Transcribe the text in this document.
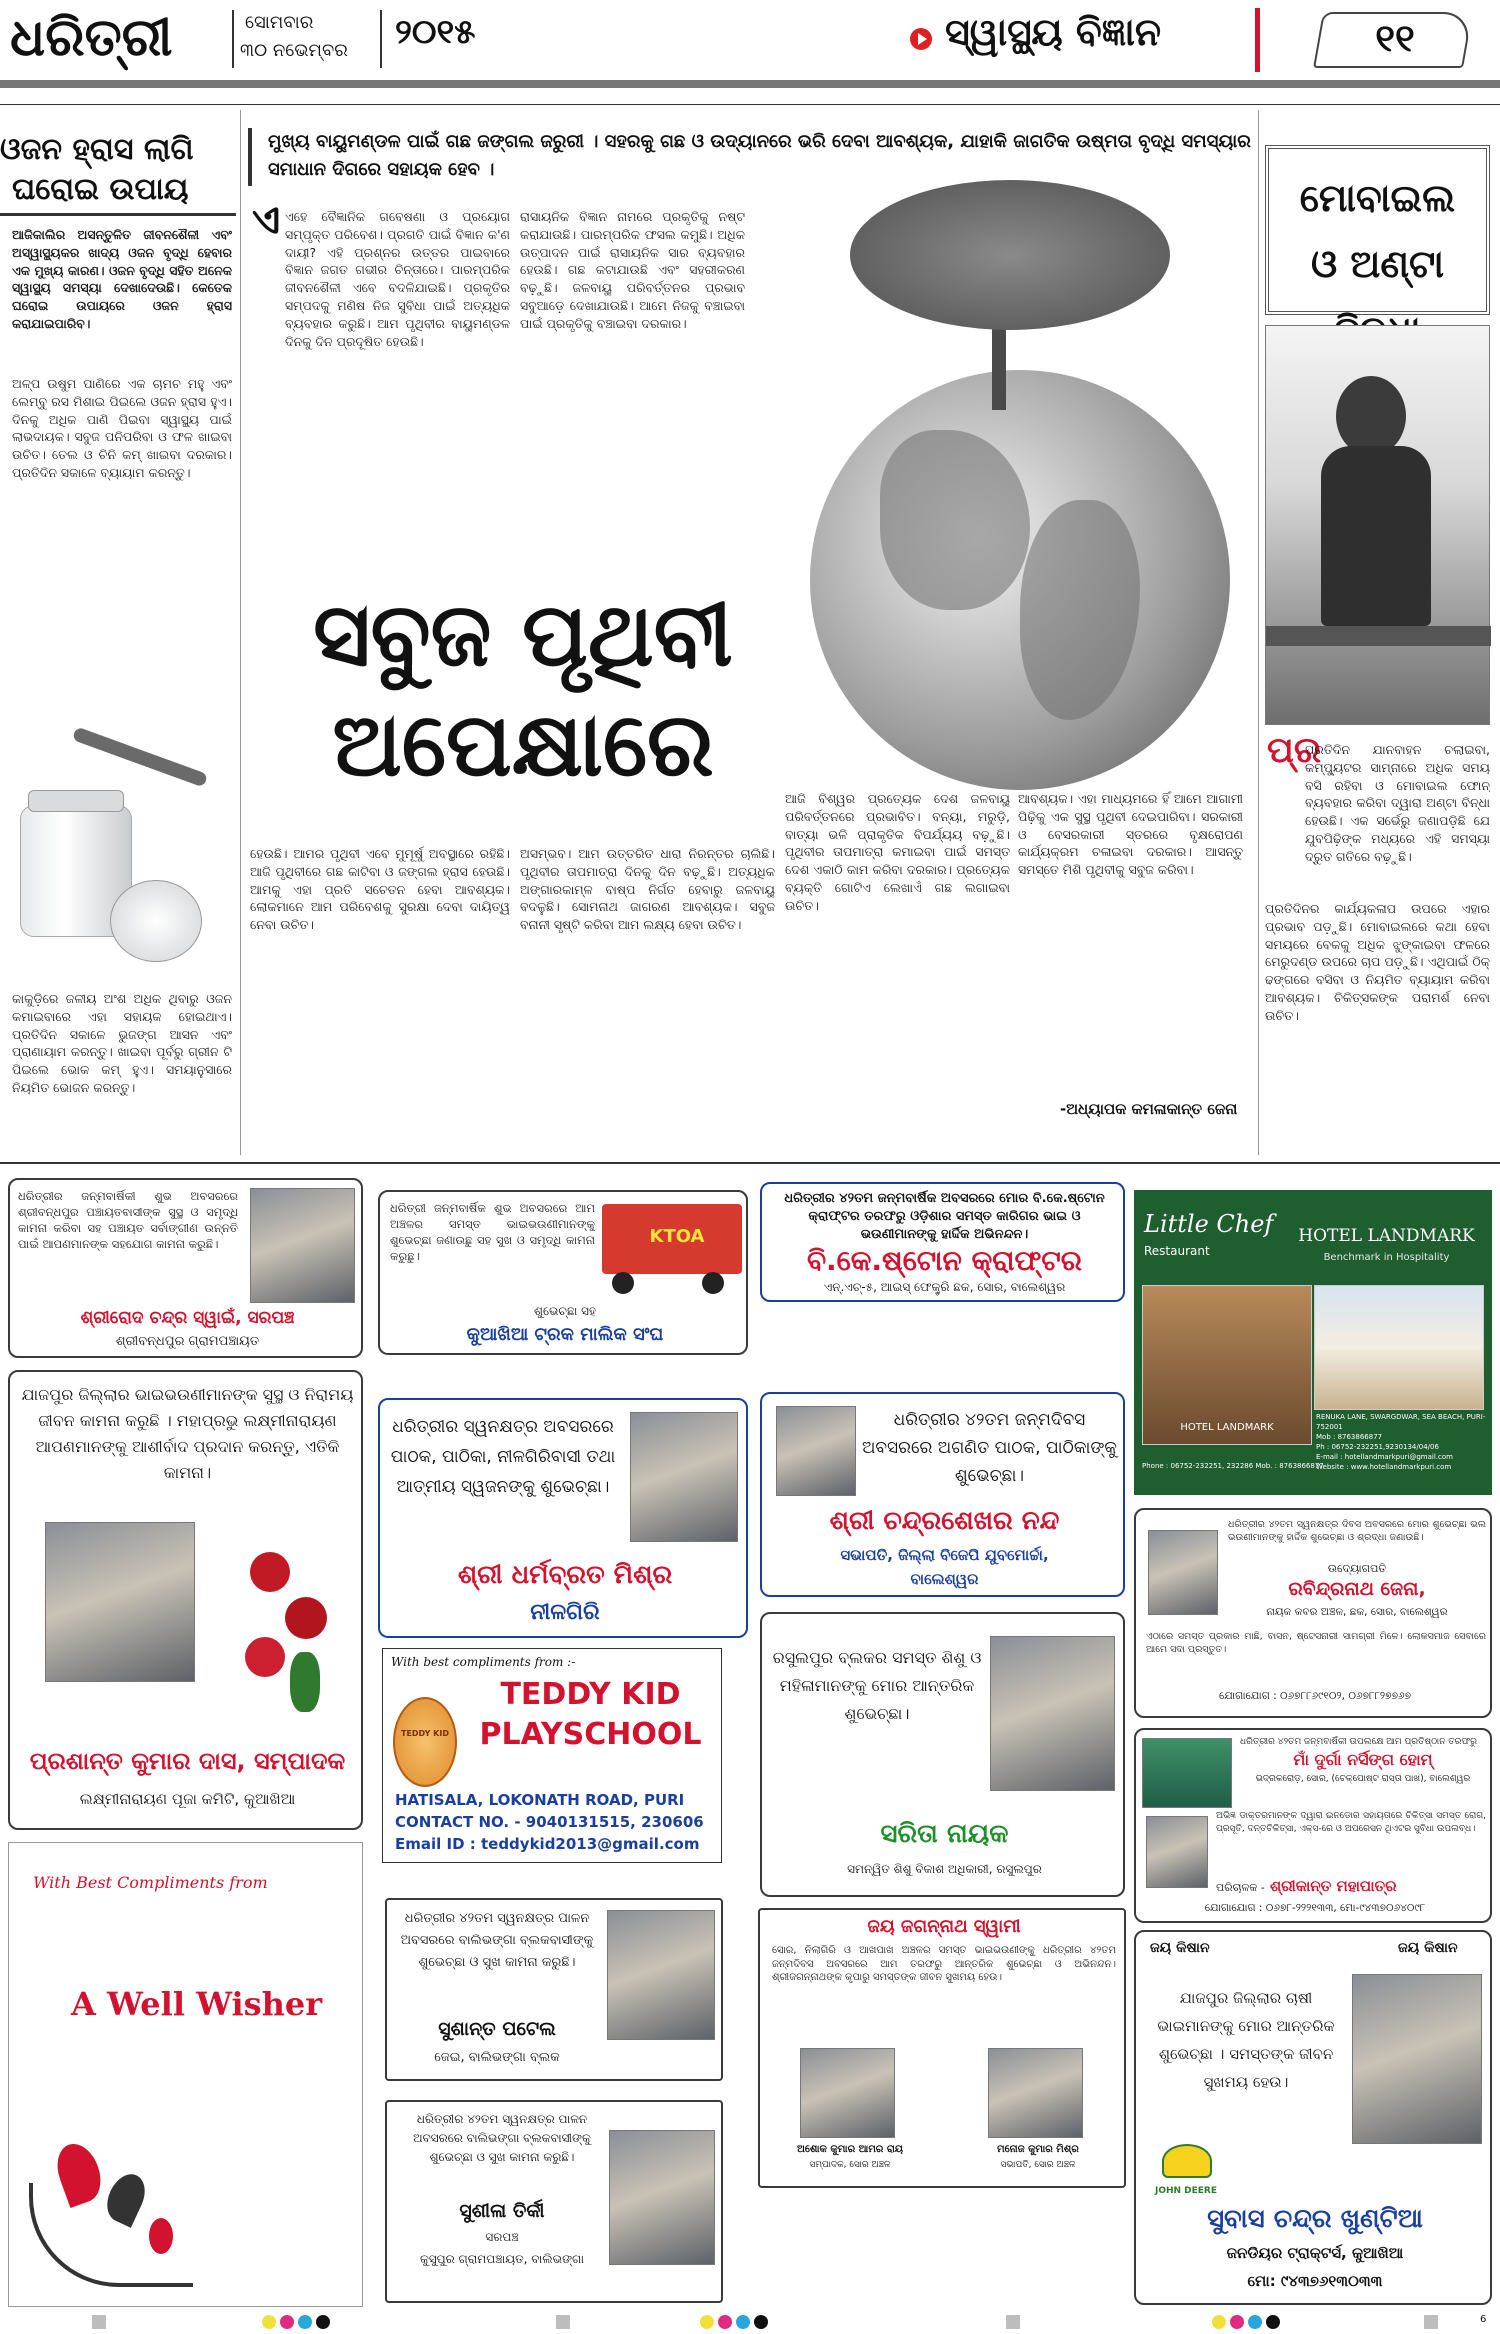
ଧରିତ୍ରୀ	ସୋମବାର
୩୦ ନଭେମ୍ବର ୨୦୧୫	ସ୍ୱାସ୍ଥ୍ୟ ବିଜ୍ଞାନ	୧୧
ଓଜନ ହ୍ରାସ ଲାଗି
ଘରୋଇ ଉପାୟ
ଆଜିକାଲିର ଅସନ୍ତୁଳିତ ଜୀବନଶୈଳୀ ଏବଂ ଅସ୍ୱାସ୍ଥ୍ୟକର ଖାଦ୍ୟ ଓଜନ ବୃଦ୍ଧି ହେବାର ଏକ ମୁଖ୍ୟ କାରଣ। ଓଜନ ବୃଦ୍ଧି ସହିତ ଅନେକ ସ୍ୱାସ୍ଥ୍ୟ ସମସ୍ୟା ଦେଖାଦେଉଛି। କେତେକ ଘରୋଇ ଉପାୟରେ ଓଜନ ହ୍ରାସ କରାଯାଇପାରିବ।
ଅଳ୍ପ ଉଷୁମ ପାଣିରେ ଏକ ଚାମଚ ମହୁ ଏବଂ ଲେମ୍ବୁ ରସ ମିଶାଇ ପିଇଲେ ଓଜନ ହ୍ରାସ ହୁଏ। ଦିନକୁ ଅଧିକ ପାଣି ପିଇବା ସ୍ୱାସ୍ଥ୍ୟ ପାଇଁ ଲାଭଦାୟକ। ସବୁଜ ପନିପରିବା ଓ ଫଳ ଖାଇବା ଉଚିତ। ତେଲ ଓ ଚିନି କମ୍ ଖାଇବା ଦରକାର। ପ୍ରତିଦିନ ସକାଳେ ବ୍ୟାୟାମ କରନ୍ତୁ।
କାକୁଡ଼ିରେ ଜଳୀୟ ଅଂଶ ଅଧିକ ଥିବାରୁ ଓଜନ କମାଇବାରେ ଏହା ସହାୟକ ହୋଇଥାଏ। ପ୍ରତିଦିନ ସକାଳେ ଭୁଜଙ୍ଗ ଆସନ ଏବଂ ପ୍ରାଣାୟାମ କରନ୍ତୁ। ଖାଇବା ପୂର୍ବରୁ ଗ୍ରୀନ ଟି ପିଇଲେ ଭୋକ କମ୍ ହୁଏ। ସମୟାନୁସାରେ ନିୟମିତ ଭୋଜନ କରନ୍ତୁ।
ମୁଖ୍ୟ ବାୟୁମଣ୍ଡଳ ପାଇଁ ଗଛ ଜଙ୍ଗଲ ଜରୁରୀ । ସହରକୁ ଗଛ ଓ ଉଦ୍ୟାନରେ ଭରି ଦେବା ଆବଶ୍ୟକ, ଯାହାକି ଜାଗତିକ ଉଷ୍ମତା ବୃଦ୍ଧି ସମସ୍ୟାର ସମାଧାନ ଦିଗରେ ସହାୟକ ହେବ ।
ଏ ଏହେ ବୈଜ୍ଞାନିକ ଗବେଷଣା ଓ ପ୍ରୟୋଗ ସମ୍ପୃକ୍ତ ପରିବେଶ। ପ୍ରଗତି ପାଇଁ ବିଜ୍ଞାନ କ'ଣ ଦାୟୀ? ଏହି ପ୍ରଶ୍ନର ଉତ୍ତର ପାଇବାରେ ବିଜ୍ଞାନ ଜଗତ ଗଭୀର ଚିନ୍ତାରେ। ପାରମ୍ପରିକ ଜୀବନଶୈଳୀ ଏବେ ବଦଳିଯାଇଛି। ପ୍ରକୃତିର ସମ୍ପଦକୁ ମଣିଷ ନିଜ ସୁବିଧା ପାଇଁ ଅତ୍ୟଧିକ ବ୍ୟବହାର କରୁଛି। ଆମ ପୃଥିବୀର ବାୟୁମଣ୍ଡଳ ଦିନକୁ ଦିନ ପ୍ରଦୂଷିତ ହେଉଛି।
ରାସାୟନିକ ବିଜ୍ଞାନ ନାମରେ ପ୍ରକୃତିକୁ ନଷ୍ଟ କରାଯାଉଛି। ପାରମ୍ପରିକ ଫସଲ କମୁଛି। ଅଧିକ ଉତ୍ପାଦନ ପାଇଁ ରାସାୟନିକ ସାର ବ୍ୟବହାର ହେଉଛି। ଗଛ କଟାଯାଉଛି ଏବଂ ସହରୀକରଣ ବଢ଼ୁଛି। ଜଳବାୟୁ ପରିବର୍ତ୍ତନର ପ୍ରଭାବ ସବୁଆଡ଼େ ଦେଖାଯାଉଛି। ଆମେ ନିଜକୁ ବଞ୍ଚାଇବା ପାଇଁ ପ୍ରକୃତିକୁ ବଞ୍ଚାଇବା ଦରକାର।
ସବୁଜ ପୃଥିବୀ
ଅପେକ୍ଷାରେ
ହେଉଛି। ଆମର ପୃଥିବୀ ଏବେ ମୁମୂର୍ଷୁ ଅବସ୍ଥାରେ ରହିଛି। ଆଜି ପୃଥିବୀରେ ଗଛ କାଟିବା ଓ ଜଙ୍ଗଲ ହ୍ରାସ ହେଉଛି। ଆମକୁ ଏହା ପ୍ରତି ସଚେତନ ହେବା ଆବଶ୍ୟକ। ଲୋକମାନେ ଆମ ପରିବେଶକୁ ସୁରକ୍ଷା ଦେବା ଦାୟିତ୍ୱ ନେବା ଉଚିତ।
ଅସମ୍ଭବ। ଆମ ଉତ୍ତରିତ ଧାରା ନିରନ୍ତର ଚାଲିଛି। ପୃଥିବୀର ତାପମାତ୍ରା ଦିନକୁ ଦିନ ବଢ଼ୁଛି। ଅତ୍ୟଧିକ ଅଙ୍ଗାରକାମ୍ଳ ବାଷ୍ପ ନିର୍ଗତ ହେବାରୁ ଜଳବାୟୁ ବଦଳୁଛି। ସୋମନାଥ ଜାଗରଣ ଆବଶ୍ୟକ। ସବୁଜ ବନାନୀ ସୃଷ୍ଟି କରିବା ଆମ ଲକ୍ଷ୍ୟ ହେବା ଉଚିତ।
ଆଜି ବିଶ୍ୱର ପ୍ରତ୍ୟେକ ଦେଶ ଜଳବାୟୁ ପରିବର୍ତ୍ତନରେ ପ୍ରଭାବିତ। ବନ୍ୟା, ମରୁଡ଼ି, ବାତ୍ୟା ଭଳି ପ୍ରାକୃତିକ ବିପର୍ଯ୍ୟୟ ବଢ଼ୁଛି। ପୃଥିବୀର ତାପମାତ୍ରା କମାଇବା ପାଇଁ ସମସ୍ତ ଦେଶ ଏକାଠି କାମ କରିବା ଦରକାର। ପ୍ରତ୍ୟେକ ବ୍ୟକ୍ତି ଗୋଟିଏ ଲେଖାଏଁ ଗଛ ଲଗାଇବା ଉଚିତ।
ଆବଶ୍ୟକ। ଏହା ମାଧ୍ୟମରେ ହିଁ ଆମେ ଆଗାମୀ ପିଢ଼ିକୁ ଏକ ସୁସ୍ଥ ପୃଥିବୀ ଦେଇପାରିବା। ସରକାରୀ ଓ ବେସରକାରୀ ସ୍ତରରେ ବୃକ୍ଷରୋପଣ କାର୍ଯ୍ୟକ୍ରମ ଚଳାଇବା ଦରକାର। ଆସନ୍ତୁ ସମସ୍ତେ ମିଶି ପୃଥିବୀକୁ ସବୁଜ କରିବା।
-ଅଧ୍ୟାପକ କମଳାକାନ୍ତ ଜେନା
ମୋବାଇଲ
ଓ ଅଣ୍ଟା
ପ୍ର
ପ୍ରତିଦିନ ଯାନବାହନ ଚଲାଇବା, କମ୍ପ୍ୟୁଟର ସାମ୍ନାରେ ଅଧିକ ସମୟ ବସି ରହିବା ଓ ମୋବାଇଲ ଫୋନ୍ ବ୍ୟବହାର କରିବା ଦ୍ୱାରା ଅଣ୍ଟା ବିନ୍ଧା ହେଉଛି। ଏକ ସର୍ଭେରୁ ଜଣାପଡ଼ିଛି ଯେ ଯୁବପିଢ଼ିଙ୍କ ମଧ୍ୟରେ ଏହି ସମସ୍ୟା ଦ୍ରୁତ ଗତିରେ ବଢ଼ୁଛି।
ପ୍ରତିଦିନର କାର୍ଯ୍ୟକଳାପ ଉପରେ ଏହାର ପ୍ରଭାବ ପଡ଼ୁଛି। ମୋବାଇଲରେ କଥା ହେବା ସମୟରେ ବେକକୁ ଅଧିକ ଝୁଙ୍କାଇବା ଫଳରେ ମେରୁଦଣ୍ଡ ଉପରେ ଚାପ ପଡ଼ୁଛି। ଏଥିପାଇଁ ଠିକ୍ ଢଙ୍ଗରେ ବସିବା ଓ ନିୟମିତ ବ୍ୟାୟାମ କରିବା ଆବଶ୍ୟକ। ଚିକିତ୍ସକଙ୍କ ପରାମର୍ଶ ନେବା ଉଚିତ।
ଧରିତ୍ରୀର ଜନ୍ମବାର୍ଷିକୀ ଶୁଭ ଅବସରରେ ଶ୍ରୀବନ୍ଧପୁର ପଞ୍ଚାୟତବାସୀଙ୍କ ସୁସ୍ଥ ଓ ସମୃଦ୍ଧି କାମନା କରିବା ସହ ପଞ୍ଚାୟତ ସର୍ବାଙ୍ଗୀଣ ଉନ୍ନତି ପାଇଁ ଆପଣମାନଙ୍କ ସହଯୋଗ କାମନା କରୁଛି।
ଶ୍ରୀରୋଦ ଚନ୍ଦ୍ର ସ୍ୱାଇଁ, ସରପଞ୍ଚ
ଶ୍ରୀବନ୍ଧପୁର ଗ୍ରାମପଞ୍ଚାୟତ
ଧରିତ୍ରୀ ଜନ୍ମବାର୍ଷିକ ଶୁଭ ଅବସରରେ ଆମ ଅଞ୍ଚଳର ସମସ୍ତ ଭାଇଭଉଣୀମାନଙ୍କୁ ଶୁଭେଚ୍ଛା ଜଣାଉଛୁ ସହ ସୁଖ ଓ ସମୃଦ୍ଧି କାମନା କରୁଛୁ।
KTOA
ଶୁଭେଚ୍ଛା ସହ
କୁଆଖିଆ ଟ୍ରକ ମାଲିକ ସଂଘ
ଧରିତ୍ରୀର ୪୨ତମ ଜନ୍ମବାର୍ଷିକ ଅବସରରେ ମୋର ବି.କେ.ଷ୍ଟୋନ କ୍ରାଫ୍ଟର ତରଫରୁ ଓଡ଼ିଶାର ସମସ୍ତ କାରିଗର ଭାଇ ଓ ଭଉଣୀମାନଙ୍କୁ ହାର୍ଦ୍ଦିକ ଅଭିନନ୍ଦନ।
ବି.କେ.ଷ୍ଟୋନ କ୍ରାଫ୍ଟର
ଏନ୍.ଏଚ୍-୫, ଆଇସ୍ ଫେକ୍ଟ୍ରି ଛକ, ସୋର, ବାଲେଶ୍ୱର
Little Chef
Restaurant
HOTEL LANDMARK
Benchmark in Hospitality
HOTEL LANDMARK
RENUKA LANE, SWARGDWAR, SEA BEACH, PURI-752001
Mob : 8763866877
Ph : 06752-232251,9230134/04/06
E-mail : hotellandmarkpuri@gmail.com
Website : www.hotellandmarkpuri.com
Phone : 06752-232251, 232286 Mob. : 8763866877
ଯାଜପୁର ଜିଲ୍ଲାର ଭାଇଭଉଣୀମାନଙ୍କ ସୁସ୍ଥ ଓ ନିରାମୟ ଜୀବନ କାମନା କରୁଛି । ମହାପ୍ରଭୁ ଲକ୍ଷ୍ମୀନାରାୟଣ ଆପଣମାନଙ୍କୁ ଆଶୀର୍ବାଦ ପ୍ରଦାନ କରନ୍ତୁ, ଏତିକି କାମନା।
ପ୍ରଶାନ୍ତ କୁମାର ଦାସ, ସମ୍ପାଦକ
ଲକ୍ଷ୍ମୀନାରାୟଣ ପୂଜା କମିଟି, କୁଆଖିଆ
ଧରିତ୍ରୀର ସ୍ୱନକ୍ଷତ୍ର ଅବସରରେ ପାଠକ, ପାଠିକା, ନୀଳଗିରିବାସୀ ତଥା ଆତ୍ମୀୟ ସ୍ୱଜନଙ୍କୁ ଶୁଭେଚ୍ଛା।
ଶ୍ରୀ ଧର୍ମବ୍ରତ ମିଶ୍ର
ନୀଳଗିରି
ଧରିତ୍ରୀର ୪୨ତମ ଜନ୍ମଦିବସ ଅବସରରେ ଅଗଣିତ ପାଠକ, ପାଠିକାଙ୍କୁ ଶୁଭେଚ୍ଛା।
ଶ୍ରୀ ଚନ୍ଦ୍ରଶେଖର ନନ୍ଦ
ସଭାପତି, ଜିଲ୍ଲା ବିଜେପି ଯୁବମୋର୍ଚ୍ଚା,
ବାଲେଶ୍ୱର
ଧରିତ୍ରୀର ୪୨ତମ ସ୍ୱନକ୍ଷତ୍ର ଦିବସ ଅବସରରେ ମୋର ଶୁଭେଚ୍ଛା ଭଲ ଭଉଣୀମାନଙ୍କୁ ହାର୍ଦ୍ଦିକ ଶୁଭେଚ୍ଛା ଓ ଶ୍ରଦ୍ଧା ଜଣାଉଛି।
ଉଦ୍ୟୋଗପତି
ରବିନ୍ଦ୍ରନାଥ ଜେନା,
ନାୟକ କବର ଅଞ୍ଚଳ, ଛକ, ସୋର, ବାଲେଶ୍ୱର
ଏଠାରେ ସମସ୍ତ ପ୍ରକାର ମାଛି, ବାସନ, ଷ୍ଟେସନାରୀ ସାମଗ୍ରୀ ମିଳେ। ଲୋକସମାଜ ସେବାରେ ଆମେ ସଦା ପ୍ରସ୍ତୁତ।
ଯୋଗାଯୋଗ : ୦୬୭୮୮୬୯୧୦୨, ୦୬୭୮୮୨୭୭୬୭
With best compliments from :-
TEDDY KID
TEDDY KID
PLAYSCHOOL
HATISALA, LOKONATH ROAD, PURI
CONTACT NO. - 9040131515, 230606
Email ID : teddykid2013@gmail.com
ରସୁଲପୁର ବ୍ଲକର ସମସ୍ତ ଶିଶୁ ଓ ମହିଳାମାନଙ୍କୁ ମୋର ଆନ୍ତରିକ ଶୁଭେଚ୍ଛା।
ସରିତା ନାୟକ
ସମନ୍ୱିତ ଶିଶୁ ବିକାଶ ଅଧିକାରୀ, ରସୁଲପୁର
ଧରିତ୍ରୀର ୪୨ତମ ଜନ୍ମବାର୍ଷିକୀ ଉପଲକ୍ଷେ ଆମ ପ୍ରତିଷ୍ଠାନ ତରଫରୁ
ମାଁ ଦୁର୍ଗା ନର୍ସିଙ୍ଗ ହୋମ୍
ଭଦ୍ରକରୋଡ଼, ସୋର, (ଚେକ୍ପୋଷ୍ଟ ରାସ୍ତା ପାଖ), ବାଲେଶ୍ୱର
ଅଭିଜ୍ଞ ଡାକ୍ତରମାନଙ୍କ ଦ୍ୱାରା ଇନଡୋର ସହାୟତାରେ ଚିକିତ୍ସା ସମସ୍ତ ରୋଗ, ପ୍ରସୂତି, ଦନ୍ତଚିକିତ୍ସା, ଏକ୍ସ-ରେ ଓ ଅପରେସନ ଥିଏଟର ସୁବିଧା ଉପଲବ୍ଧ।
ପରିଚାଳକ - ଶ୍ରୀକାନ୍ତ ମହାପାତ୍ର
ଯୋଗାଯୋଗ : ୦୬୭୮-୨୨୨୧୩୩, ମୋ-୯୪୩୭୦୬୪୦୯୮
With Best Compliments from
A Well Wisher
ଧରିତ୍ରୀର ୪୨ତମ ସ୍ୱନକ୍ଷତ୍ର ପାଳନ ଅବସରରେ ବାଲିଭଙ୍ଗା ବ୍ଲକବାସୀଙ୍କୁ ଶୁଭେଚ୍ଛା ଓ ସୁଖ କାମନା କରୁଛି।
ସୁଶାନ୍ତ ପଟେଲ
ଜେଇ, ବାଲିଭଙ୍ଗା ବ୍ଲକ
ଜୟ ଜଗନ୍ନାଥ ସ୍ୱାମୀ
ସୋର, ନିଲାଗିରି ଓ ଆଖପାଖ ଅଞ୍ଚଳର ସମସ୍ତ ଭାଇଭଉଣୀଙ୍କୁ ଧରିତ୍ରୀର ୪୨ତମ ଜନ୍ମଦିବସ ଅବସରରେ ଆମ ତରଫରୁ ଆନ୍ତରିକ ଶୁଭେଚ୍ଛା ଓ ଅଭିନନ୍ଦନ। ଶ୍ରୀଜଗନ୍ନାଥଙ୍କ କୃପାରୁ ସମସ୍ତଙ୍କ ଜୀବନ ସୁଖମୟ ହେଉ।
ଅଶୋକ କୁମାର ଆମର ରାୟ
ସମ୍ପାଦକ, ସୋର ଅଞ୍ଚଳ
ମନୋଜ କୁମାର ମିଶ୍ର
ସଭାପତି, ସୋର ଅଞ୍ଚଳ
ଜୟ କିଷାନ	ଜୟ କିଷାନ
ଯାଜପୁର ଜିଲ୍ଲାର ଚାଷୀ ଭାଇମାନଙ୍କୁ ମୋର ଆନ୍ତରିକ ଶୁଭେଚ୍ଛା । ସମସ୍ତଙ୍କ ଜୀବନ ସୁଖମୟ ହେଉ।
JOHN DEERE
ସୁବାସ ଚନ୍ଦ୍ର ଖୁଣ୍ଟିଆ
ଜନଡିୟର ଟ୍ରାକ୍ଟର୍ସ, କୁଆଖିଆ
ମୋ: ୯୪୩୭୬୧୩୦୩୩
ଧରିତ୍ରୀର ୪୨ତମ ସ୍ୱନକ୍ଷତ୍ର ପାଳନ ଅବସରରେ ବାଲିଭଙ୍ଗା ବ୍ଲକବାସୀଙ୍କୁ ଶୁଭେଚ୍ଛା ଓ ସୁଖ କାମନା କରୁଛି।
ସୁଶୀଳା ତିର୍କୀ
ସରପଞ୍ଚ
କୁସୁପୁର ଗ୍ରାମପଞ୍ଚାୟତ, ବାଲିଭଙ୍ଗା
6
